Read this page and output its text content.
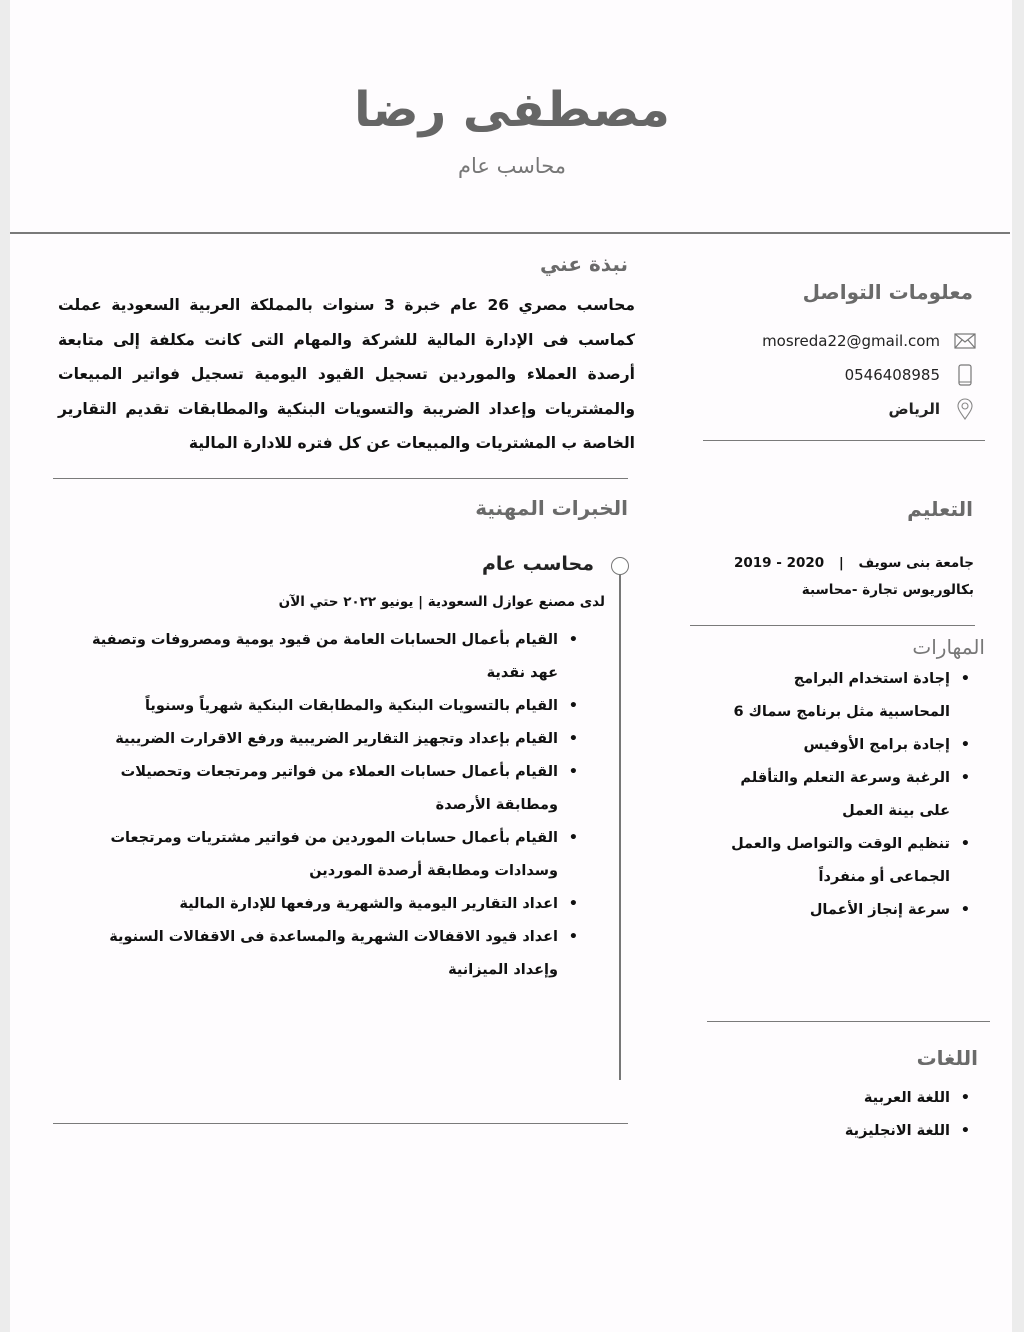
مصطفى رضا
محاسب عام
نبذة عني
محاسب مصري 26 عام خبرة 3 سنوات بالمملكة العربية السعودية عملت كماسب فى الإدارة المالية للشركة والمهام التى كانت مكلفة إلى متابعة أرصدة العملاء والموردين تسجيل القيود اليومية تسجيل فواتير المبيعات والمشتريات وإعداد الضريبة والتسويات البنكية والمطابقات تقديم التقارير الخاصة ب المشتريات والمبيعات عن كل فتره للادارة المالية
الخبرات المهنية
محاسب عام
لدى مصنع عوازل السعودية | يونيو ٢٠٢٢ حتي الآن
• القيام بأعمال الحسابات العامة من قيود يومية ومصروفات وتصفية عهد نقدية
• القيام بالتسويات البنكية والمطابقات البنكية شهرياً وسنوياً
• القيام بإعداد وتجهيز التقارير الضريبية ورفع الاقرارت الضريبية
• القيام بأعمال حسابات العملاء من فواتير ومرتجعات وتحصيلات ومطابقة الأرصدة
• القيام بأعمال حسابات الموردين من فواتير مشتريات ومرتجعات وسدادات ومطابقة أرصدة الموردين
• اعداد التقارير اليومية والشهرية ورفعها للإدارة المالية
• اعداد قيود الاقفالات الشهرية والمساعدة فى الاقفالات السنوية وإعداد الميزانية
معلومات التواصل
mosreda22@gmail.com
0546408985
الرياض
التعليم
جامعة بنى سويف | 2019 - 2020
بكالوريوس تجارة -محاسبة
المهارات
• إجادة استخدام البرامج المحاسبية مثل برنامج سماك 6
• إجادة برامج الأوفيس
• الرغبة وسرعة التعلم والتأقلم على بينة العمل
• تنظيم الوقت والتواصل والعمل الجماعى أو منفرداً
• سرعة إنجاز الأعمال
اللغات
• اللغة العربية
• اللغة الانجليزية
